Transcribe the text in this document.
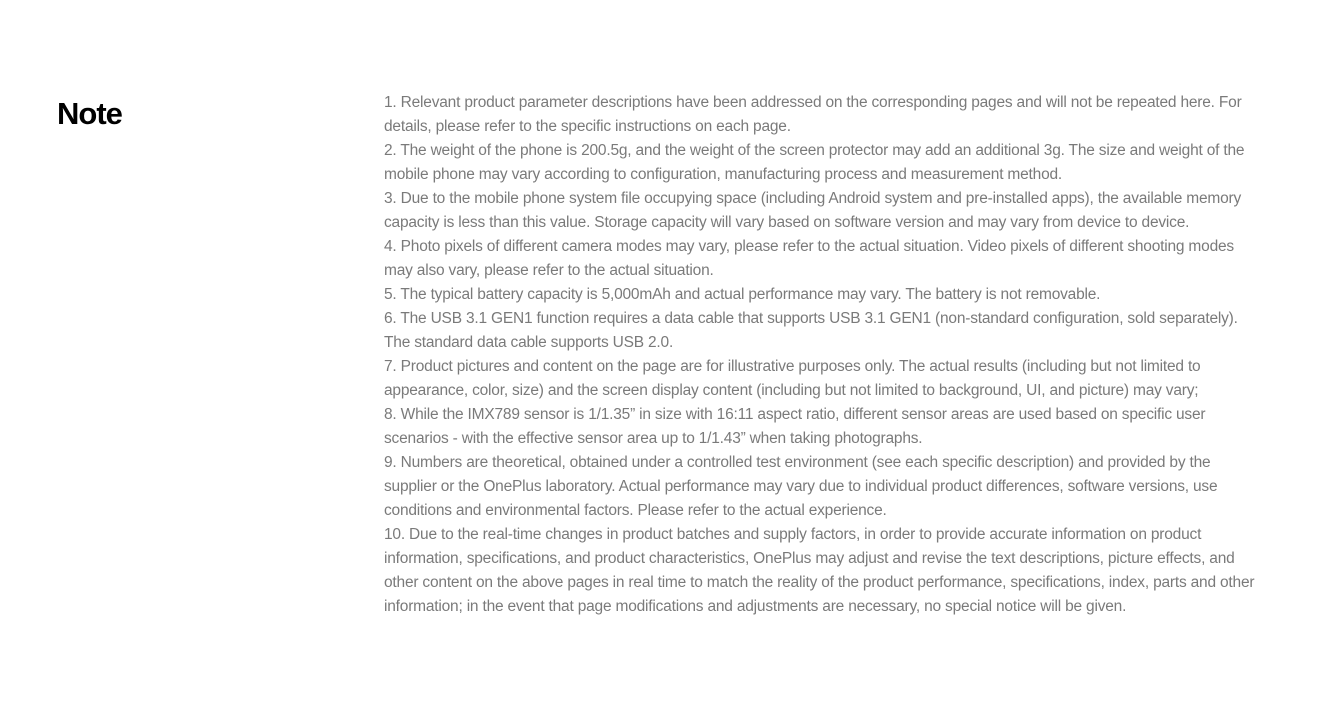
Note	1. Relevant product parameter descriptions have been addressed on the corresponding pages and will not be repeated here. For details, please refer to the specific instructions on each page.
2. The weight of the phone is 200.5g, and the weight of the screen protector may add an additional 3g. The size and weight of the mobile phone may vary according to configuration, manufacturing process and measurement method.
3. Due to the mobile phone system file occupying space (including Android system and pre-installed apps), the available memory capacity is less than this value. Storage capacity will vary based on software version and may vary from device to device.
4. Photo pixels of different camera modes may vary, please refer to the actual situation. Video pixels of different shooting modes may also vary, please refer to the actual situation.
5. The typical battery capacity is 5,000mAh and actual performance may vary. The battery is not removable.
6. The USB 3.1 GEN1 function requires a data cable that supports USB 3.1 GEN1 (non-standard configuration, sold separately). The standard data cable supports USB 2.0.
7. Product pictures and content on the page are for illustrative purposes only. The actual results (including but not limited to appearance, color, size) and the screen display content (including but not limited to background, UI, and picture) may vary;
8. While the IMX789 sensor is 1/1.35” in size with 16:11 aspect ratio, different sensor areas are used based on specific user scenarios - with the effective sensor area up to 1/1.43” when taking photographs.
9. Numbers are theoretical, obtained under a controlled test environment (see each specific description) and provided by the supplier or the OnePlus laboratory. Actual performance may vary due to individual product differences, software versions, use conditions and environmental factors. Please refer to the actual experience.
10. Due to the real-time changes in product batches and supply factors, in order to provide accurate information on product information, specifications, and product characteristics, OnePlus may adjust and revise the text descriptions, picture effects, and other content on the above pages in real time to match the reality of the product performance, specifications, index, parts and other information; in the event that page modifications and adjustments are necessary, no special notice will be given.
